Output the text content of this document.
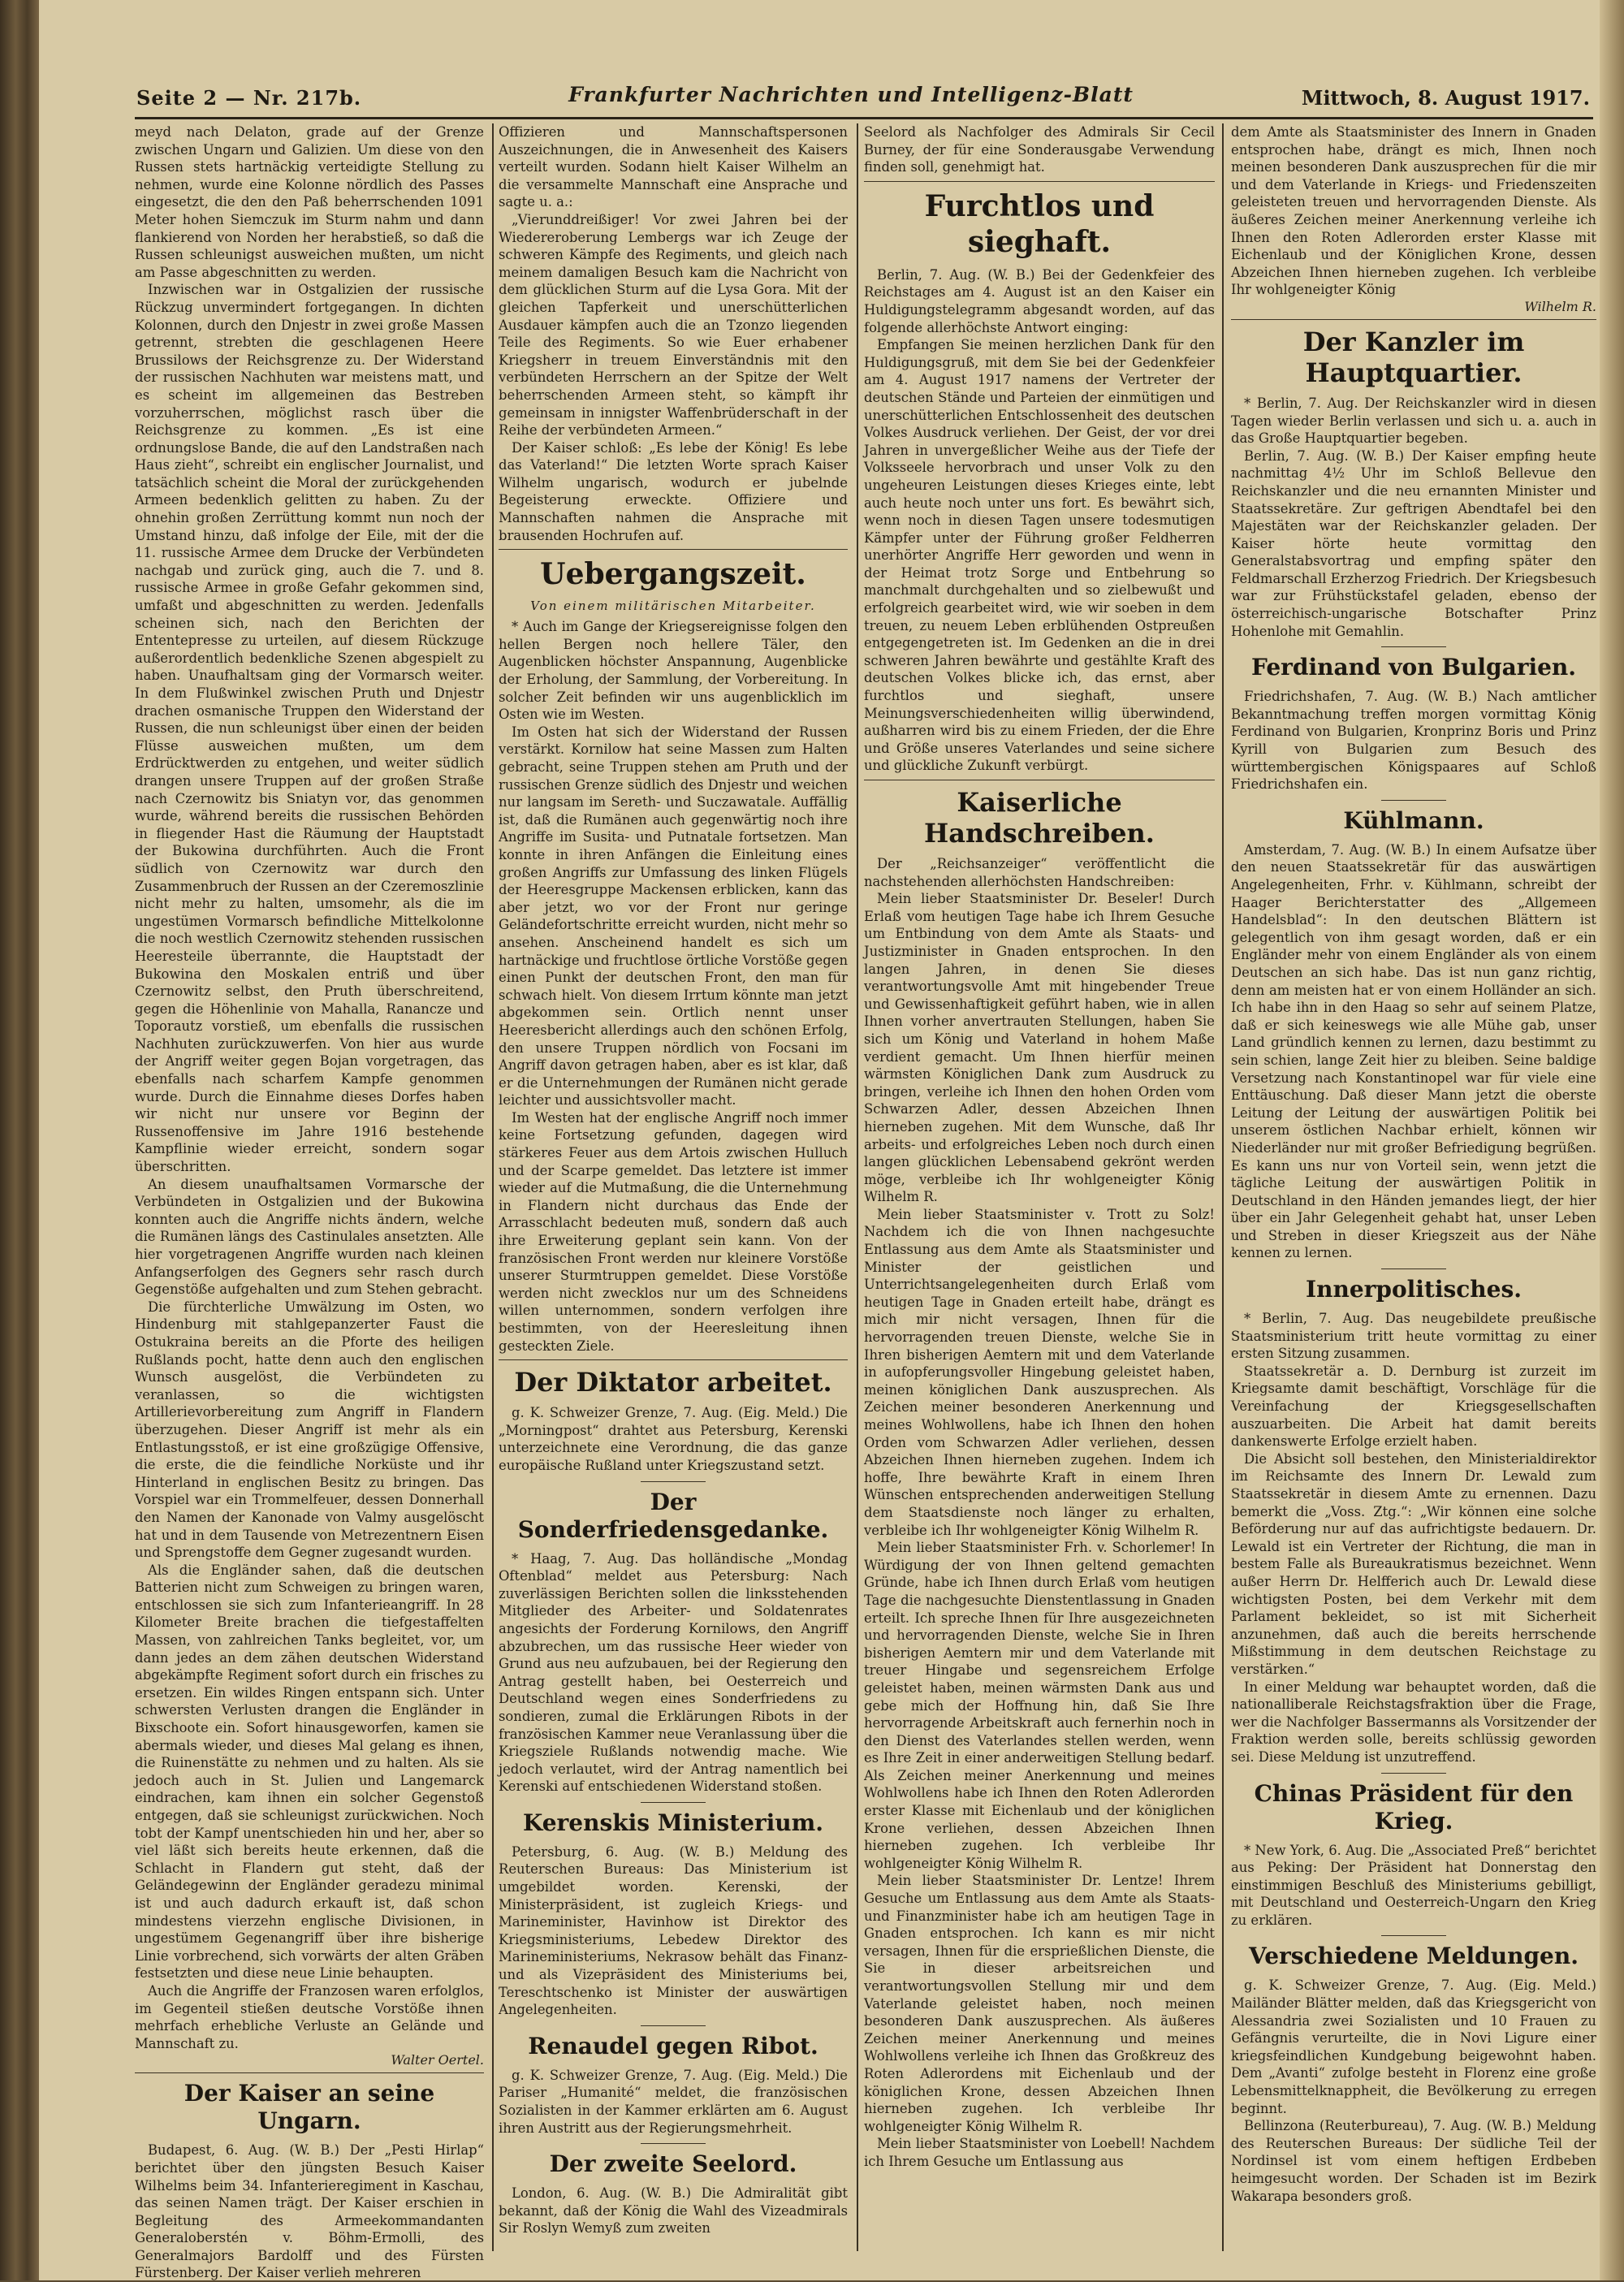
Seite 2 — Nr. 217b.	Frankfurter Nachrichten und Intelligenz-Blatt	Mittwoch, 8. August 1917.

meyd nach Delaton, grade auf der Grenze zwischen Ungarn und Galizien. Um diese von den Russen stets hartnäckig verteidigte Stellung zu nehmen, wurde eine Kolonne nördlich des Passes eingesetzt, die den den Paß beherrschenden 1091 Meter hohen Siemczuk im Sturm nahm und dann flankierend von Norden her herabstieß, so daß die Russen schleunigst ausweichen mußten, um nicht am Passe abgeschnitten zu werden.

Inzwischen war in Ostgalizien der russische Rückzug unvermindert fortgegangen. In dichten Kolonnen, durch den Dnjestr in zwei große Massen getrennt, strebten die geschlagenen Heere Brussilows der Reichsgrenze zu. Der Widerstand der russischen Nachhuten war meistens matt, und es scheint im allgemeinen das Bestreben vorzuherrschen, möglichst rasch über die Reichsgrenze zu kommen. „Es ist eine ordnungslose Bande, die auf den Landstraßen nach Haus zieht“, schreibt ein englischer Journalist, und tatsächlich scheint die Moral der zurückgehenden Armeen bedenklich gelitten zu haben. Zu der ohnehin großen Zerrüttung kommt nun noch der Umstand hinzu, daß infolge der Eile, mit der die 11. russische Armee dem Drucke der Verbündeten nachgab und zurück ging, auch die 7. und 8. russische Armee in große Gefahr gekommen sind, umfaßt und abgeschnitten zu werden. Jedenfalls scheinen sich, nach den Berichten der Ententepresse zu urteilen, auf diesem Rückzuge außerordentlich bedenkliche Szenen abgespielt zu haben. Unaufhaltsam ging der Vormarsch weiter. In dem Flußwinkel zwischen Pruth und Dnjestr drachen osmanische Truppen den Widerstand der Russen, die nun schleunigst über einen der beiden Flüsse ausweichen mußten, um dem Erdrücktwerden zu entgehen, und weiter südlich drangen unsere Truppen auf der großen Straße nach Czernowitz bis Sniatyn vor, das genommen wurde, während bereits die russischen Behörden in fliegender Hast die Räumung der Hauptstadt der Bukowina durchführten. Auch die Front südlich von Czernowitz war durch den Zusammenbruch der Russen an der Czeremoszlinie nicht mehr zu halten, umsomehr, als die im ungestümen Vormarsch befindliche Mittelkolonne die noch westlich Czernowitz stehenden russischen Heeresteile überrannte, die Hauptstadt der Bukowina den Moskalen entriß und über Czernowitz selbst, den Pruth überschreitend, gegen die Höhenlinie von Mahalla, Ranancze und Toporautz vorstieß, um ebenfalls die russischen Nachhuten zurückzuwerfen. Von hier aus wurde der Angriff weiter gegen Bojan vorgetragen, das ebenfalls nach scharfem Kampfe genommen wurde. Durch die Einnahme dieses Dorfes haben wir nicht nur unsere vor Beginn der Russenoffensive im Jahre 1916 bestehende Kampflinie wieder erreicht, sondern sogar überschritten.

An diesem unaufhaltsamen Vormarsche der Verbündeten in Ostgalizien und der Bukowina konnten auch die Angriffe nichts ändern, welche die Rumänen längs des Castinulales ansetzten. Alle hier vorgetragenen Angriffe wurden nach kleinen Anfangserfolgen des Gegners sehr rasch durch Gegenstöße aufgehalten und zum Stehen gebracht.

Die fürchterliche Umwälzung im Osten, wo Hindenburg mit stahlgepanzerter Faust die Ostukraina bereits an die Pforte des heiligen Rußlands pocht, hatte denn auch den englischen Wunsch ausgelöst, die Verbündeten zu veranlassen, so die wichtigsten Artillerievorbereitung zum Angriff in Flandern überzugehen. Dieser Angriff ist mehr als ein Entlastungsstoß, er ist eine großzügige Offensive, die erste, die die feindliche Norküste und ihr Hinterland in englischen Besitz zu bringen. Das Vorspiel war ein Trommelfeuer, dessen Donnerhall den Namen der Kanonade von Valmy ausgelöscht hat und in dem Tausende von Metrezentnern Eisen und Sprengstoffe dem Gegner zugesandt wurden.

Als die Engländer sahen, daß die deutschen Batterien nicht zum Schweigen zu bringen waren, entschlossen sie sich zum Infanterieangriff. In 28 Kilometer Breite brachen die tiefgestaffelten Massen, von zahlreichen Tanks begleitet, vor, um dann jedes an dem zähen deutschen Widerstand abgekämpfte Regiment sofort durch ein frisches zu ersetzen. Ein wildes Ringen entspann sich. Unter schwersten Verlusten drangen die Engländer in Bixschoote ein. Sofort hinausgeworfen, kamen sie abermals wieder, und dieses Mal gelang es ihnen, die Ruinenstätte zu nehmen und zu halten. Als sie jedoch auch in St. Julien und Langemarck eindrachen, kam ihnen ein solcher Gegenstoß entgegen, daß sie schleunigst zurückwichen. Noch tobt der Kampf unentschieden hin und her, aber so viel läßt sich bereits heute erkennen, daß die Schlacht in Flandern gut steht, daß der Geländegewinn der Engländer geradezu minimal ist und auch dadurch erkauft ist, daß schon mindestens vierzehn englische Divisionen, in ungestümem Gegenangriff über ihre bisherige Linie vorbrechend, sich vorwärts der alten Gräben festsetzten und diese neue Linie behaupten.

Auch die Angriffe der Franzosen waren erfolglos, im Gegenteil stießen deutsche Vorstöße ihnen mehrfach erhebliche Verluste an Gelände und Mannschaft zu.

Walter Oertel.
Der Kaiser an seine Ungarn.

Budapest, 6. Aug. (W. B.) Der „Pesti Hirlap“ berichtet über den jüngsten Besuch Kaiser Wilhelms beim 34. Infanterieregiment in Kaschau, das seinen Namen trägt. Der Kaiser erschien in Begleitung des Armeekommandanten Generaloberstén v. Böhm-Ermolli, des Generalmajors Bardolff und des Fürsten Fürstenberg. Der Kaiser verlieh mehreren

Offizieren und Mannschaftspersonen Auszeichnungen, die in Anwesenheit des Kaisers verteilt wurden. Sodann hielt Kaiser Wilhelm an die versammelte Mannschaft eine Ansprache und sagte u. a.:

„Vierunddreißiger! Vor zwei Jahren bei der Wiedereroberung Lembergs war ich Zeuge der schweren Kämpfe des Regiments, und gleich nach meinem damaligen Besuch kam die Nachricht von dem glücklichen Sturm auf die Lysa Gora. Mit der gleichen Tapferkeit und unerschütterlichen Ausdauer kämpfen auch die an Tzonzo liegenden Teile des Regiments. So wie Euer erhabener Kriegsherr in treuem Einverständnis mit den verbündeten Herrschern an der Spitze der Welt beherrschenden Armeen steht, so kämpft ihr gemeinsam in innigster Waffenbrüderschaft in der Reihe der verbündeten Armeen.“

Der Kaiser schloß: „Es lebe der König! Es lebe das Vaterland!“ Die letzten Worte sprach Kaiser Wilhelm ungarisch, wodurch er jubelnde Begeisterung erweckte. Offiziere und Mannschaften nahmen die Ansprache mit brausenden Hochrufen auf.

Uebergangszeit.
Von einem militärischen Mitarbeiter.

* Auch im Gange der Kriegsereignisse folgen den hellen Bergen noch hellere Täler, den Augenblicken höchster Anspannung, Augenblicke der Erholung, der Sammlung, der Vorbereitung. In solcher Zeit befinden wir uns augenblicklich im Osten wie im Westen.

Im Osten hat sich der Widerstand der Russen verstärkt. Kornilow hat seine Massen zum Halten gebracht, seine Truppen stehen am Pruth und der russischen Grenze südlich des Dnjestr und weichen nur langsam im Sereth- und Suczawatale. Auffällig ist, daß die Rumänen auch gegenwärtig noch ihre Angriffe im Susita- und Putnatale fortsetzen. Man konnte in ihren Anfängen die Einleitung eines großen Angriffs zur Umfassung des linken Flügels der Heeresgruppe Mackensen erblicken, kann das aber jetzt, wo vor der Front nur geringe Geländefortschritte erreicht wurden, nicht mehr so ansehen. Anscheinend handelt es sich um hartnäckige und fruchtlose örtliche Vorstöße gegen einen Punkt der deutschen Front, den man für schwach hielt. Von diesem Irrtum könnte man jetzt abgekommen sein. Ortlich nennt unser Heeresbericht allerdings auch den schönen Erfolg, den unsere Truppen nördlich von Focsani im Angriff davon getragen haben, aber es ist klar, daß er die Unternehmungen der Rumänen nicht gerade leichter und aussichtsvoller macht.

Im Westen hat der englische Angriff noch immer keine Fortsetzung gefunden, dagegen wird stärkeres Feuer aus dem Artois zwischen Hulluch und der Scarpe gemeldet. Das letztere ist immer wieder auf die Mutmaßung, die die Unternehmung in Flandern nicht durchaus das Ende der Arrasschlacht bedeuten muß, sondern daß auch ihre Erweiterung geplant sein kann. Von der französischen Front werden nur kleinere Vorstöße unserer Sturmtruppen gemeldet. Diese Vorstöße werden nicht zwecklos nur um des Schneidens willen unternommen, sondern verfolgen ihre bestimmten, von der Heeresleitung ihnen gesteckten Ziele.

Der Diktator arbeitet.

g. K. Schweizer Grenze, 7. Aug. (Eig. Meld.) Die „Morningpost“ drahtet aus Petersburg, Kerenski unterzeichnete eine Verordnung, die das ganze europäische Rußland unter Kriegszustand setzt.

Der Sonderfriedensgedanke.

* Haag, 7. Aug. Das holländische „Mondag Oftenblad“ meldet aus Petersburg: Nach zuverlässigen Berichten sollen die linksstehenden Mitglieder des Arbeiter- und Soldatenrates angesichts der Forderung Kornilows, den Angriff abzubrechen, um das russische Heer wieder von Grund aus neu aufzubauen, bei der Regierung den Antrag gestellt haben, bei Oesterreich und Deutschland wegen eines Sonderfriedens zu sondieren, zumal die Erklärungen Ribots in der französischen Kammer neue Veranlassung über die Kriegsziele Rußlands notwendig mache. Wie jedoch verlautet, wird der Antrag namentlich bei Kerenski auf entschiedenen Widerstand stoßen.

Kerenskis Ministerium.

Petersburg, 6. Aug. (W. B.) Meldung des Reuterschen Bureaus: Das Ministerium ist umgebildet worden. Kerenski, der Ministerpräsident, ist zugleich Kriegs- und Marineminister, Havinhow ist Direktor des Kriegsministeriums, Lebedew Direktor des Marineministeriums, Nekrasow behält das Finanz- und als Vizepräsident des Ministeriums bei, Tereschtschenko ist Minister der auswärtigen Angelegenheiten.

Renaudel gegen Ribot.

g. K. Schweizer Grenze, 7. Aug. (Eig. Meld.) Die Pariser „Humanité“ meldet, die französischen Sozialisten in der Kammer erklärten am 6. August ihren Austritt aus der Regierungsmehrheit.

Der zweite Seelord.

London, 6. Aug. (W. B.) Die Admiralität gibt bekannt, daß der König die Wahl des Vizeadmirals Sir Roslyn Wemyß zum zweiten

Seelord als Nachfolger des Admirals Sir Cecil Burney, der für eine Sonderausgabe Verwendung finden soll, genehmigt hat.

Furchtlos und sieghaft.

Berlin, 7. Aug. (W. B.) Bei der Gedenkfeier des Reichstages am 4. August ist an den Kaiser ein Huldigungstelegramm abgesandt worden, auf das folgende allerhöchste Antwort einging:

Empfangen Sie meinen herzlichen Dank für den Huldigungsgruß, mit dem Sie bei der Gedenkfeier am 4. August 1917 namens der Vertreter der deutschen Stände und Parteien der einmütigen und unerschütterlichen Entschlossenheit des deutschen Volkes Ausdruck verliehen. Der Geist, der vor drei Jahren in unvergeßlicher Weihe aus der Tiefe der Volksseele hervorbrach und unser Volk zu den ungeheuren Leistungen dieses Krieges einte, lebt auch heute noch unter uns fort. Es bewährt sich, wenn noch in diesen Tagen unsere todesmutigen Kämpfer unter der Führung großer Feldherren unerhörter Angriffe Herr geworden und wenn in der Heimat trotz Sorge und Entbehrung so manchmalt durchgehalten und so zielbewußt und erfolgreich gearbeitet wird, wie wir soeben in dem treuen, zu neuem Leben erblühenden Ostpreußen entgegengetreten ist. Im Gedenken an die in drei schweren Jahren bewährte und gestählte Kraft des deutschen Volkes blicke ich, das ernst, aber furchtlos und sieghaft, unsere Meinungsverschiedenheiten willig überwindend, außharren wird bis zu einem Frieden, der die Ehre und Größe unseres Vaterlandes und seine sichere und glückliche Zukunft verbürgt.

Kaiserliche Handschreiben.

Der „Reichsanzeiger“ veröffentlicht die nachstehenden allerhöchsten Handschreiben:

Mein lieber Staatsminister Dr. Beseler! Durch Erlaß vom heutigen Tage habe ich Ihrem Gesuche um Entbindung von dem Amte als Staats- und Justizminister in Gnaden entsprochen. In den langen Jahren, in denen Sie dieses verantwortungsvolle Amt mit hingebender Treue und Gewissenhaftigkeit geführt haben, wie in allen Ihnen vorher anvertrauten Stellungen, haben Sie sich um König und Vaterland in hohem Maße verdient gemacht. Um Ihnen hierfür meinen wärmsten Königlichen Dank zum Ausdruck zu bringen, verleihe ich Ihnen den hohen Orden vom Schwarzen Adler, dessen Abzeichen Ihnen hierneben zugehen. Mit dem Wunsche, daß Ihr arbeits- und erfolgreiches Leben noch durch einen langen glücklichen Lebensabend gekrönt werden möge, verbleibe ich Ihr wohlgeneigter König Wilhelm R.

Mein lieber Staatsminister v. Trott zu Solz! Nachdem ich die von Ihnen nachgesuchte Entlassung aus dem Amte als Staatsminister und Minister der geistlichen und Unterrichtsangelegenheiten durch Erlaß vom heutigen Tage in Gnaden erteilt habe, drängt es mich mir nicht versagen, Ihnen für die hervorragenden treuen Dienste, welche Sie in Ihren bisherigen Aemtern mit und dem Vaterlande in aufopferungsvoller Hingebung geleistet haben, meinen königlichen Dank auszusprechen. Als Zeichen meiner besonderen Anerkennung und meines Wohlwollens, habe ich Ihnen den hohen Orden vom Schwarzen Adler verliehen, dessen Abzeichen Ihnen hierneben zugehen. Indem ich hoffe, Ihre bewährte Kraft in einem Ihren Wünschen entsprechenden anderweitigen Stellung dem Staatsdienste noch länger zu erhalten, verbleibe ich Ihr wohlgeneigter König Wilhelm R.

Mein lieber Staatsminister Frh. v. Schorlemer! In Würdigung der von Ihnen geltend gemachten Gründe, habe ich Ihnen durch Erlaß vom heutigen Tage die nachgesuchte Dienstentlassung in Gnaden erteilt. Ich spreche Ihnen für Ihre ausgezeichneten und hervorragenden Dienste, welche Sie in Ihren bisherigen Aemtern mir und dem Vaterlande mit treuer Hingabe und segensreichem Erfolge geleistet haben, meinen wärmsten Dank aus und gebe mich der Hoffnung hin, daß Sie Ihre hervorragende Arbeitskraft auch fernerhin noch in den Dienst des Vaterlandes stellen werden, wenn es Ihre Zeit in einer anderweitigen Stellung bedarf. Als Zeichen meiner Anerkennung und meines Wohlwollens habe ich Ihnen den Roten Adlerorden erster Klasse mit Eichenlaub und der königlichen Krone verliehen, dessen Abzeichen Ihnen hierneben zugehen. Ich verbleibe Ihr wohlgeneigter König Wilhelm R.

Mein lieber Staatsminister Dr. Lentze! Ihrem Gesuche um Entlassung aus dem Amte als Staats- und Finanzminister habe ich am heutigen Tage in Gnaden entsprochen. Ich kann es mir nicht versagen, Ihnen für die ersprießlichen Dienste, die Sie in dieser arbeitsreichen und verantwortungsvollen Stellung mir und dem Vaterlande geleistet haben, noch meinen besonderen Dank auszusprechen. Als äußeres Zeichen meiner Anerkennung und meines Wohlwollens verleihe ich Ihnen das Großkreuz des Roten Adlerordens mit Eichenlaub und der königlichen Krone, dessen Abzeichen Ihnen hierneben zugehen. Ich verbleibe Ihr wohlgeneigter König Wilhelm R.

Mein lieber Staatsminister von Loebell! Nachdem ich Ihrem Gesuche um Entlassung aus

dem Amte als Staatsminister des Innern in Gnaden entsprochen habe, drängt es mich, Ihnen noch meinen besonderen Dank auszusprechen für die mir und dem Vaterlande in Kriegs- und Friedenszeiten geleisteten treuen und hervorragenden Dienste. Als äußeres Zeichen meiner Anerkennung verleihe ich Ihnen den Roten Adlerorden erster Klasse mit Eichenlaub und der Königlichen Krone, dessen Abzeichen Ihnen hierneben zugehen. Ich verbleibe Ihr wohlgeneigter König

Wilhelm R.
Der Kanzler im Hauptquartier.

* Berlin, 7. Aug. Der Reichskanzler wird in diesen Tagen wieder Berlin verlassen und sich u. a. auch in das Große Hauptquartier begeben.

Berlin, 7. Aug. (W. B.) Der Kaiser empfing heute nachmittag 4½ Uhr im Schloß Bellevue den Reichskanzler und die neu ernannten Minister und Staatssekretäre. Zur geftrigen Abendtafel bei den Majestäten war der Reichskanzler geladen. Der Kaiser hörte heute vormittag den Generalstabsvortrag und empfing später den Feldmarschall Erzherzog Friedrich. Der Kriegsbesuch war zur Frühstückstafel geladen, ebenso der österreichisch-ungarische Botschafter Prinz Hohenlohe mit Gemahlin.

Ferdinand von Bulgarien.

Friedrichshafen, 7. Aug. (W. B.) Nach amtlicher Bekanntmachung treffen morgen vormittag König Ferdinand von Bulgarien, Kronprinz Boris und Prinz Kyrill von Bulgarien zum Besuch des württembergischen Königspaares auf Schloß Friedrichshafen ein.

Kühlmann.

Amsterdam, 7. Aug. (W. B.) In einem Aufsatze über den neuen Staatssekretär für das auswärtigen Angelegenheiten, Frhr. v. Kühlmann, schreibt der Haager Berichterstatter des „Allgemeen Handelsblad“: In den deutschen Blättern ist gelegentlich von ihm gesagt worden, daß er ein Engländer mehr von einem Engländer als von einem Deutschen an sich habe. Das ist nun ganz richtig, denn am meisten hat er von einem Holländer an sich. Ich habe ihn in den Haag so sehr auf seinem Platze, daß er sich keineswegs wie alle Mühe gab, unser Land gründlich kennen zu lernen, dazu bestimmt zu sein schien, lange Zeit hier zu bleiben. Seine baldige Versetzung nach Konstantinopel war für viele eine Enttäuschung. Daß dieser Mann jetzt die oberste Leitung der Leitung der auswärtigen Politik bei unserem östlichen Nachbar erhielt, können wir Niederländer nur mit großer Befriedigung begrüßen. Es kann uns nur von Vorteil sein, wenn jetzt die tägliche Leitung der auswärtigen Politik in Deutschland in den Händen jemandes liegt, der hier über ein Jahr Gelegenheit gehabt hat, unser Leben und Streben in dieser Kriegszeit aus der Nähe kennen zu lernen.

Innerpolitisches.

* Berlin, 7. Aug. Das neugebildete preußische Staatsministerium tritt heute vormittag zu einer ersten Sitzung zusammen.

Staatssekretär a. D. Dernburg ist zurzeit im Kriegsamte damit beschäftigt, Vorschläge für die Vereinfachung der Kriegsgesellschaften auszuarbeiten. Die Arbeit hat damit bereits dankenswerte Erfolge erzielt haben.

Die Absicht soll bestehen, den Ministerialdirektor im Reichsamte des Innern Dr. Lewald zum Staatssekretär in diesem Amte zu ernennen. Dazu bemerkt die „Voss. Ztg.“: „Wir können eine solche Beförderung nur auf das aufrichtigste bedauern. Dr. Lewald ist ein Vertreter der Richtung, die man in bestem Falle als Bureaukratismus bezeichnet. Wenn außer Herrn Dr. Helfferich auch Dr. Lewald diese wichtigsten Posten, bei dem Verkehr mit dem Parlament bekleidet, so ist mit Sicherheit anzunehmen, daß auch die bereits herrschende Mißstimmung in dem deutschen Reichstage zu verstärken.“

In einer Meldung war behauptet worden, daß die nationalliberale Reichstagsfraktion über die Frage, wer die Nachfolger Bassermanns als Vorsitzender der Fraktion werden solle, bereits schlüssig geworden sei. Diese Meldung ist unzutreffend.

Chinas Präsident für den Krieg.

* New York, 6. Aug. Die „Associated Preß“ berichtet aus Peking: Der Präsident hat Donnerstag den einstimmigen Beschluß des Ministeriums gebilligt, mit Deutschland und Oesterreich-Ungarn den Krieg zu erklären.

Verschiedene Meldungen.

g. K. Schweizer Grenze, 7. Aug. (Eig. Meld.) Mailänder Blätter melden, daß das Kriegsgericht von Alessandria zwei Sozialisten und 10 Frauen zu Gefängnis verurteilte, die in Novi Ligure einer kriegsfeindlichen Kundgebung beigewohnt haben. Dem „Avanti“ zufolge besteht in Florenz eine große Lebensmittelknappheit, die Bevölkerung zu erregen beginnt.

Bellinzona (Reuterbureau), 7. Aug. (W. B.) Meldung des Reuterschen Bureaus: Der südliche Teil der Nordinsel ist vom einem heftigen Erdbeben heimgesucht worden. Der Schaden ist im Bezirk Wakarapa besonders groß.
